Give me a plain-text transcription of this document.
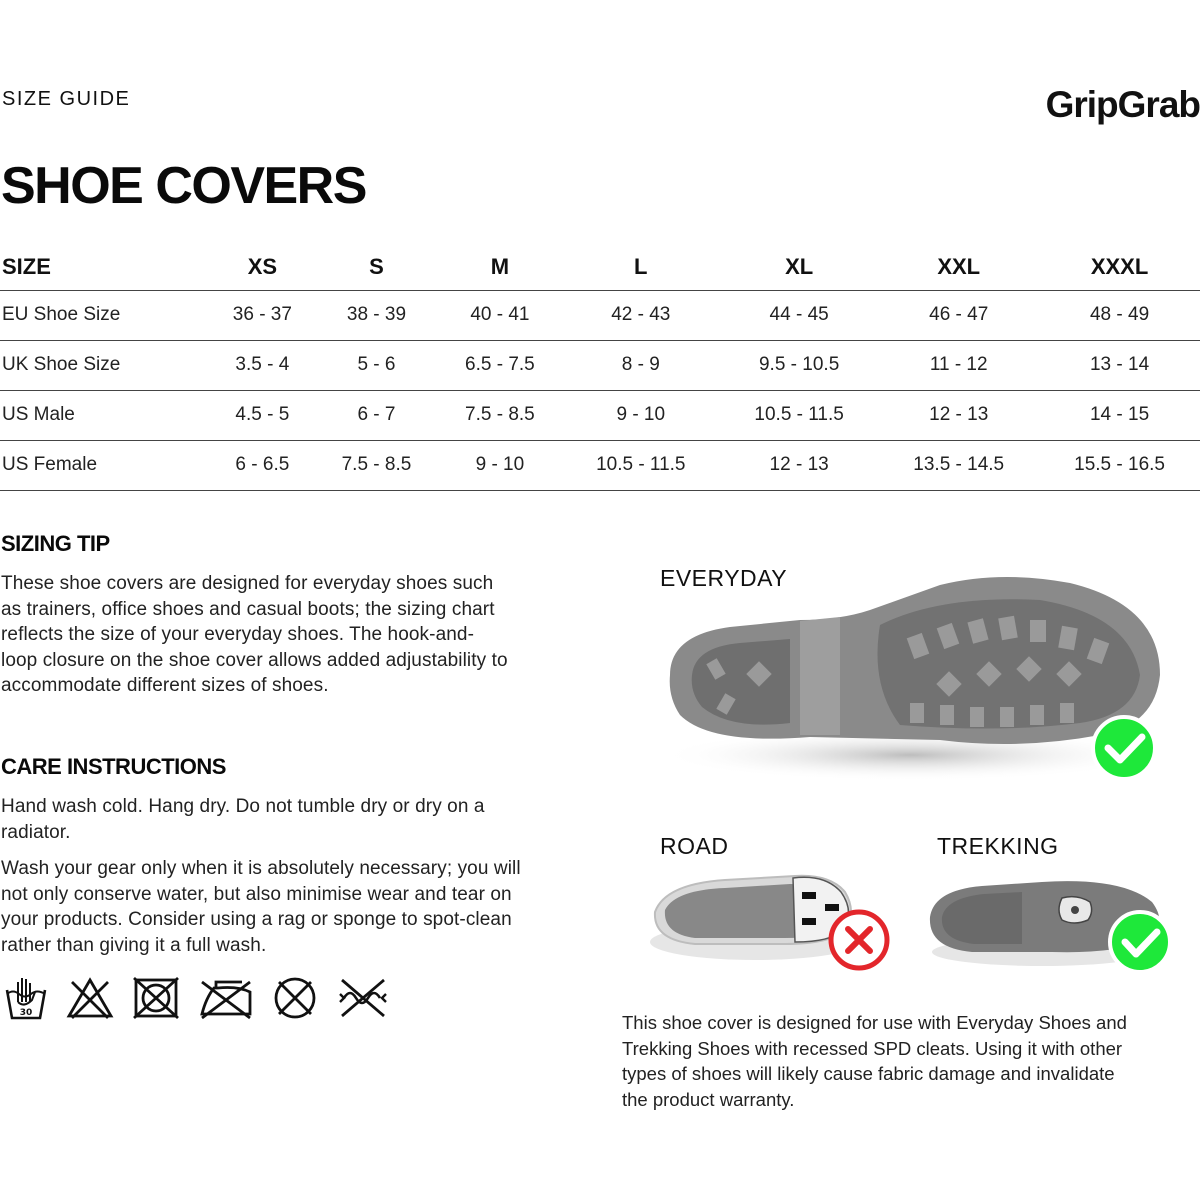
SIZE GUIDE	GripGrab
SHOE COVERS
SIZE	XS	S	M	L	XL	XXL	XXXL
EU Shoe Size	36 - 37	38 - 39	40 - 41	42 - 43	44 - 45	46 - 47	48 - 49
UK Shoe Size	3.5 - 4	5 - 6	6.5 - 7.5	8 - 9	9.5 - 10.5	11 - 12	13 - 14
US Male	4.5 - 5	6 - 7	7.5 - 8.5	9 - 10	10.5 - 11.5	12 - 13	14 - 15
US Female	6 - 6.5	7.5 - 8.5	9 - 10	10.5 - 11.5	12 - 13	13.5 - 14.5	15.5 - 16.5
SIZING TIP
These shoe covers are designed for everyday shoes such
as trainers, office shoes and casual boots; the sizing chart
reflects the size of your everyday shoes. The hook-and-
loop closure on the shoe cover allows added adjustability to
accommodate different sizes of shoes.
CARE INSTRUCTIONS
Hand wash cold. Hang dry. Do not tumble dry or dry on a
radiator.
Wash your gear only when it is absolutely necessary; you will
not only conserve water, but also minimise wear and tear on
your products. Consider using a rag or sponge to spot-clean
rather than giving it a full wash.
30
EVERYDAY
ROAD	TREKKING
This shoe cover is designed for use with Everyday Shoes and
Trekking Shoes with recessed SPD cleats. Using it with other
types of shoes will likely cause fabric damage and invalidate
the product warranty.
